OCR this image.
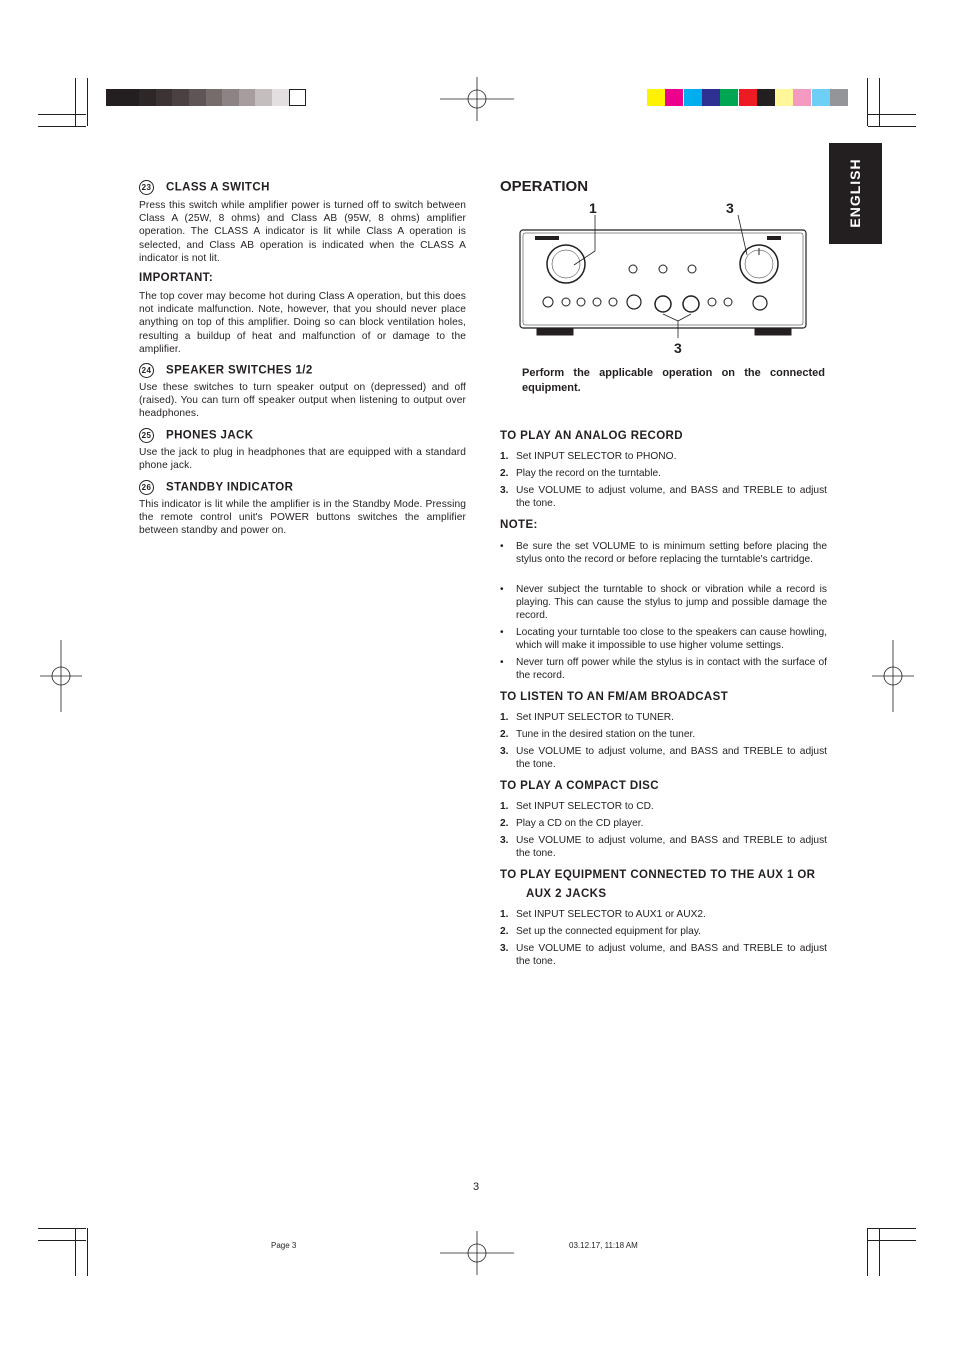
ENGLISH
23 CLASS A SWITCH
Press this switch while amplifier power is turned off to switch between Class A (25W, 8 ohms) and Class AB (95W, 8 ohms) amplifier operation. The CLASS A indicator is lit while Class A operation is selected, and Class AB operation is indicated when the CLASS A indicator is not lit.
IMPORTANT:
The top cover may become hot during Class A operation, but this does not indicate malfunction. Note, however, that you should never place anything on top of this amplifier. Doing so can block ventilation holes, resulting a buildup of heat and malfunction of or damage to the amplifier.
24 SPEAKER SWITCHES 1/2
Use these switches to turn speaker output on (depressed) and off (raised). You can turn off speaker output when listening to output over headphones.
25 PHONES JACK
Use the jack to plug in headphones that are equipped with a standard phone jack.
26 STANDBY INDICATOR
This indicator is lit while the amplifier is in the Standby Mode. Pressing the remote control unit's POWER buttons switches the amplifier between standby and power on.
OPERATION
1	3
3
Perform the applicable operation on the connected equipment.
TO PLAY AN ANALOG RECORD
1. Set INPUT SELECTOR to PHONO.
2. Play the record on the turntable.
3. Use VOLUME to adjust volume, and BASS and TREBLE to adjust the tone.
NOTE:
• Be sure the set VOLUME to is minimum setting before placing the stylus onto the record or before replacing the turntable's cartridge.
• Never subject the turntable to shock or vibration while a record is playing. This can cause the stylus to jump and possible damage the record.
• Locating your turntable too close to the speakers can cause howling, which will make it impossible to use higher volume settings.
• Never turn off power while the stylus is in contact with the surface of the record.
TO LISTEN TO AN FM/AM BROADCAST
1. Set INPUT SELECTOR to TUNER.
2. Tune in the desired station on the tuner.
3. Use VOLUME to adjust volume, and BASS and TREBLE to adjust the tone.
TO PLAY A COMPACT DISC
1. Set INPUT SELECTOR to CD.
2. Play a CD on the CD player.
3. Use VOLUME to adjust volume, and BASS and TREBLE to adjust the tone.
TO PLAY EQUIPMENT CONNECTED TO THE AUX 1 OR
AUX 2 JACKS
1. Set INPUT SELECTOR to AUX1 or AUX2.
2. Set up the connected equipment for play.
3. Use VOLUME to adjust volume, and BASS and TREBLE to adjust the tone.
3
Page 3	03.12.17, 11:18 AM
